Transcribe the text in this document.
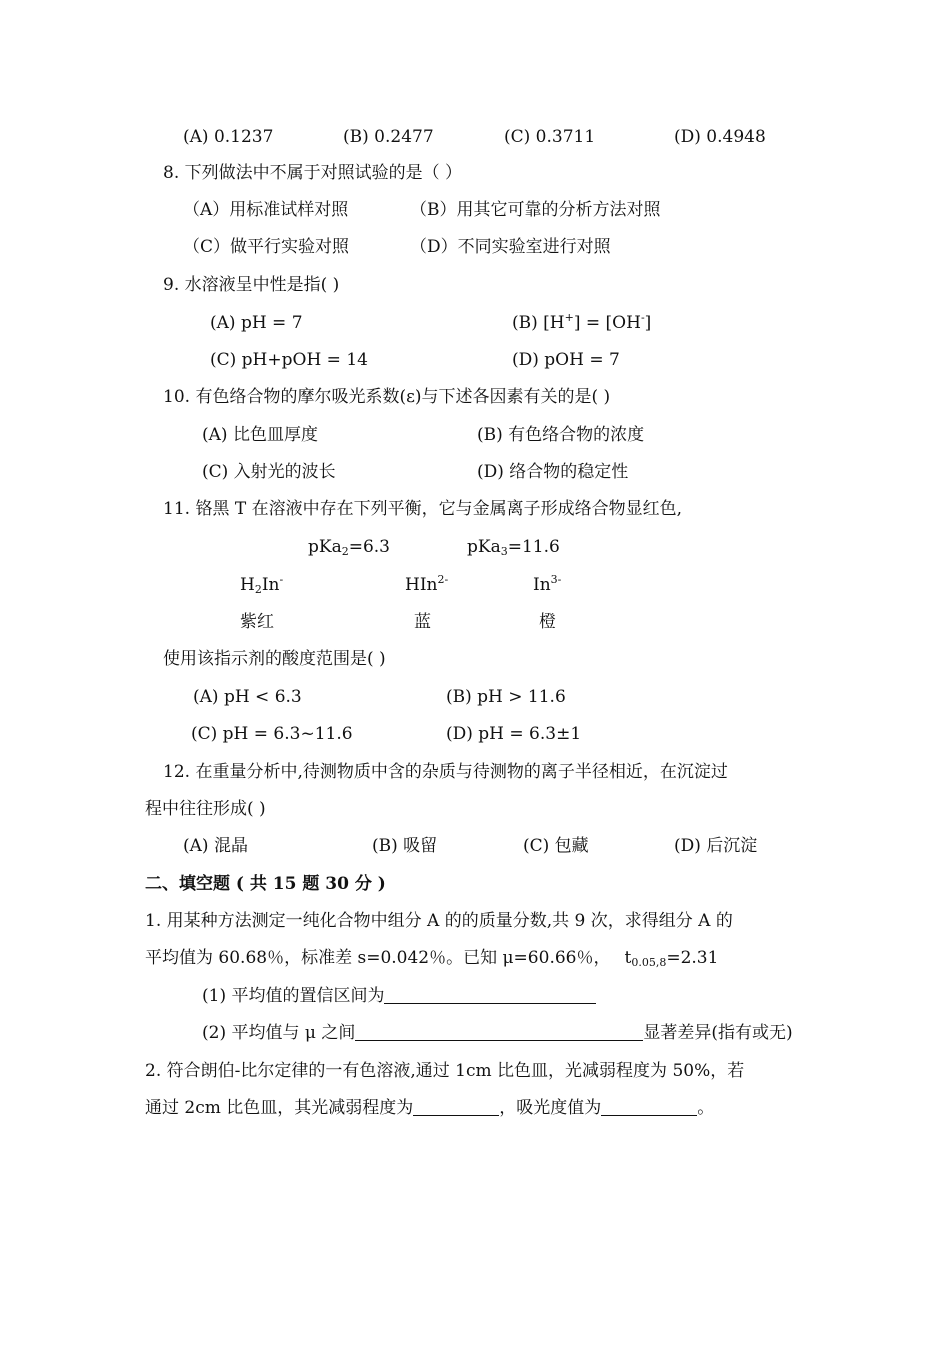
(A) 0.1237	(B) 0.2477	(C) 0.3711	(D) 0.4948
8. 下列做法中不属于对照试验的是（ ）
（A）用标准试样对照	（B）用其它可靠的分析方法对照
（C）做平行实验对照	（D）不同实验室进行对照
9. 水溶液呈中性是指( )
(A) pH = 7	(B) [H+] = [OH-]
(C) pH+pOH = 14	(D) pOH = 7
10. 有色络合物的摩尔吸光系数(ε)与下述各因素有关的是( )
(A) 比色皿厚度	(B) 有色络合物的浓度
(C) 入射光的波长	(D) 络合物的稳定性
11. 铬黑 T 在溶液中存在下列平衡，它与金属离子形成络合物显红色,
pKa$_2$=6.3	pKa$_3$=11.6
$H_2In^-$	HIn$^{2-}$	$In^{3-}$
紫红	蓝	橙
使用该指示剂的酸度范围是( )
(A) pH < 6.3	(B) pH > 11.6
(C) pH = 6.3~11.6	(D) pH = 6.3±1
12. 在重量分析中,待测物质中含的杂质与待测物的离子半径相近，在沉淀过
程中往往形成( )
(A) 混晶	(B) 吸留	(C) 包藏	(D) 后沉淀
二、填空题 ( 共 15 题 30 分 )
1. 用某种方法测定一纯化合物中组分 A 的的质量分数,共 9 次，求得组分 A 的
平均值为 60.68％，标准差 s=0.042％。已知 μ=60.66％， $t_{0.05,8}=2.31$
(1) 平均值的置信区间为
(2) 平均值与 μ 之间	显著差异(指有或无)
2. 符合朗伯-比尔定律的一有色溶液,通过 1cm 比色皿，光减弱程度为 50%，若
通过 2cm 比色皿，其光减弱程度为	，吸光度值为	。
